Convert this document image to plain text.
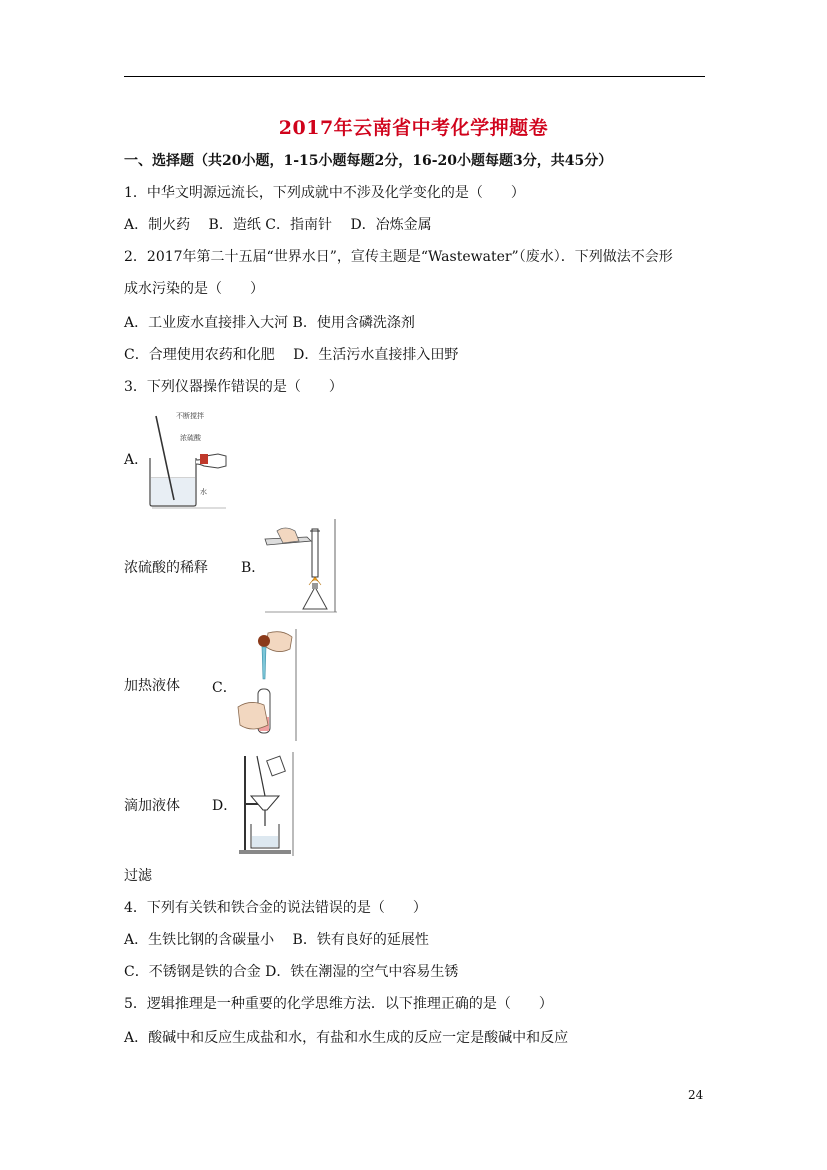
2017年云南省中考化学押题卷
一、选择题（共20小题，1-15小题每题2分，16-20小题每题3分，共45分）
1．中华文明源远流长，下列成就中不涉及化学变化的是（　　）
A．制火药　 B．造纸 C．指南针　 D．冶炼金属
2．2017年第二十五届“世界水日”，宣传主题是“Wastewater”（废水）．下列做法不会形
成水污染的是（　　）
A．工业废水直接排入大河 B．使用含磷洗涤剂
C．合理使用农药和化肥　 D．生活污水直接排入田野
3．下列仪器操作错误的是（　　）
A．
不断搅拌
浓硫酸
水
浓硫酸的稀释 B．
加热液体 C．
滴加液体 D．
过滤
4．下列有关铁和铁合金的说法错误的是（　　）
A．生铁比钢的含碳量小　 B．铁有良好的延展性
C．不锈钢是铁的合金 D．铁在潮湿的空气中容易生锈
5．逻辑推理是一种重要的化学思维方法．以下推理正确的是（　　）
A．酸碱中和反应生成盐和水，有盐和水生成的反应一定是酸碱中和反应
24
